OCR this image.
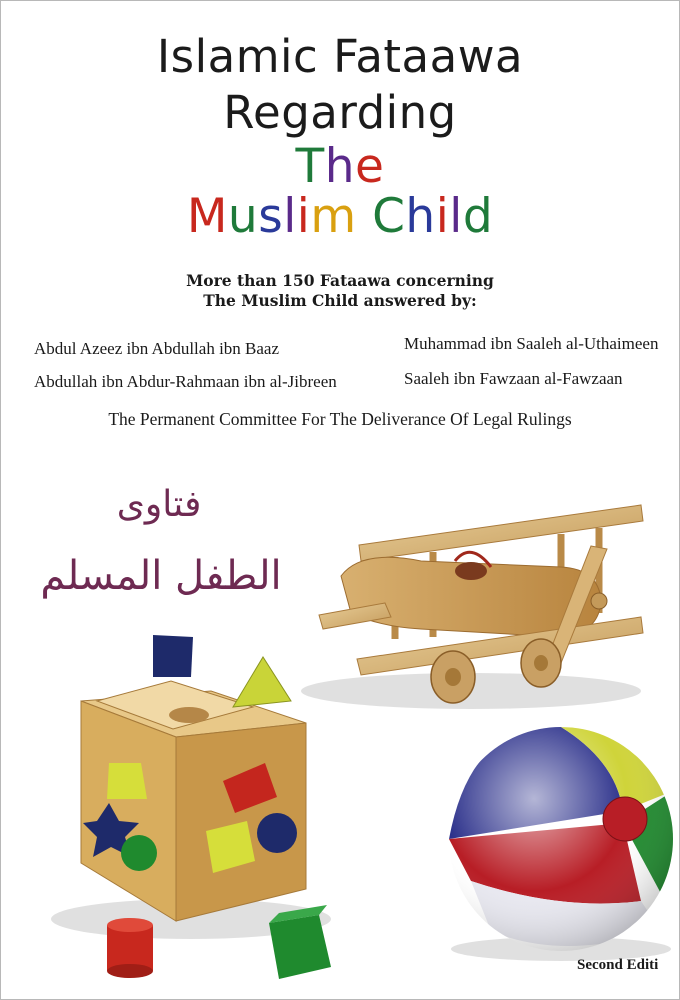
Islamic Fataawa
Regarding
The
Muslim Child
More than 150 Fataawa concerning
The Muslim Child answered by:
Abdul Azeez ibn Abdullah ibn Baaz	Muhammad ibn Saaleh al-Uthaimeen
Abdullah ibn Abdur-Rahmaan ibn al-Jibreen	Saaleh ibn Fawzaan al-Fawzaan
The Permanent Committee For The Deliverance Of Legal Rulings
فتاوى
الطفل المسلم
Second Editi
